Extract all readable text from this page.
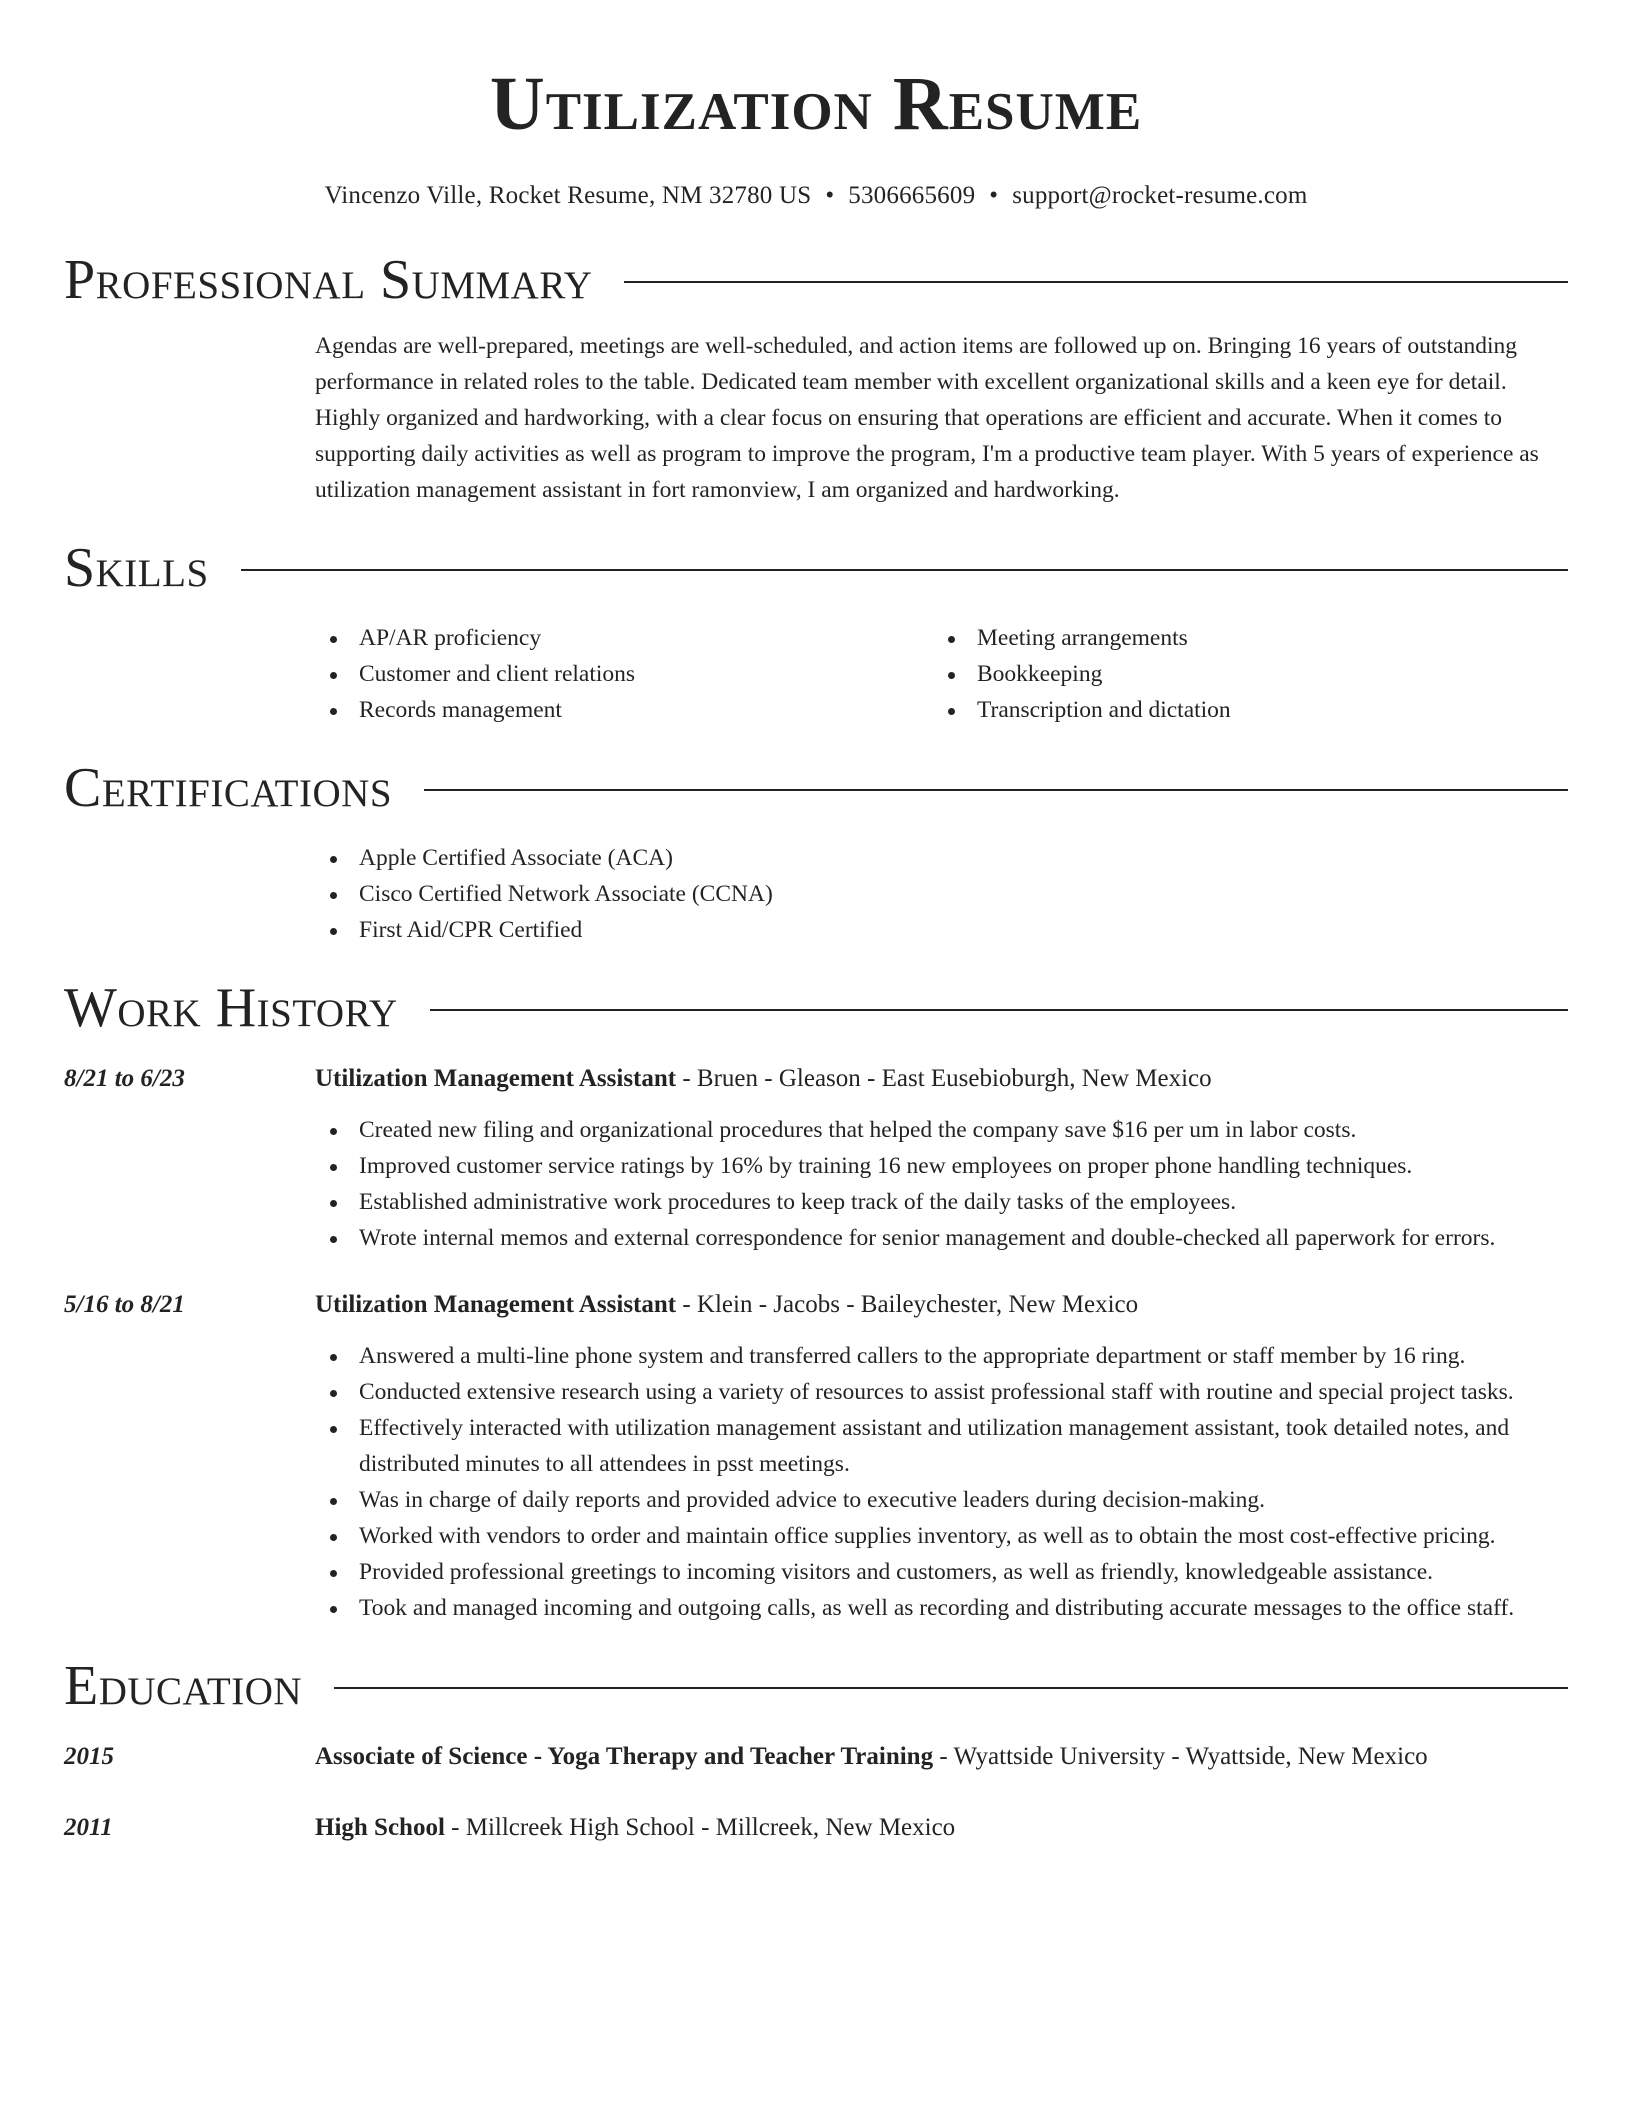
Utilization Resume
Vincenzo Ville, Rocket Resume, NM 32780 US • 5306665609 • support@rocket-resume.com
Professional Summary

Agendas are well-prepared, meetings are well-scheduled, and action items are followed up on. Bringing 16 years of outstanding performance in related roles to the table. Dedicated team member with excellent organizational skills and a keen eye for detail. Highly organized and hardworking, with a clear focus on ensuring that operations are efficient and accurate. When it comes to supporting daily activities as well as program to improve the program, I'm a productive team player. With 5 years of experience as utilization management assistant in fort ramonview, I am organized and hardworking.

Skills
AP/AR proficiency
Customer and client relations
Records management
Meeting arrangements
Bookkeeping
Transcription and dictation
Certifications
Apple Certified Associate (ACA)
Cisco Certified Network Associate (CCNA)
First Aid/CPR Certified
Work History
8/21 to 6/23	Utilization Management Assistant - Bruen - Gleason - East Eusebioburgh, New Mexico
Created new filing and organizational procedures that helped the company save $16 per um in labor costs.
Improved customer service ratings by 16% by training 16 new employees on proper phone handling techniques.
Established administrative work procedures to keep track of the daily tasks of the employees.
Wrote internal memos and external correspondence for senior management and double-checked all paperwork for errors.
5/16 to 8/21	Utilization Management Assistant - Klein - Jacobs - Baileychester, New Mexico
Answered a multi-line phone system and transferred callers to the appropriate department or staff member by 16 ring.
Conducted extensive research using a variety of resources to assist professional staff with routine and special project tasks.
Effectively interacted with utilization management assistant and utilization management assistant, took detailed notes, and distributed minutes to all attendees in psst meetings.
Was in charge of daily reports and provided advice to executive leaders during decision-making.
Worked with vendors to order and maintain office supplies inventory, as well as to obtain the most cost-effective pricing.
Provided professional greetings to incoming visitors and customers, as well as friendly, knowledgeable assistance.
Took and managed incoming and outgoing calls, as well as recording and distributing accurate messages to the office staff.
Education
2015	Associate of Science - Yoga Therapy and Teacher Training - Wyattside University - Wyattside, New Mexico
2011	High School - Millcreek High School - Millcreek, New Mexico
